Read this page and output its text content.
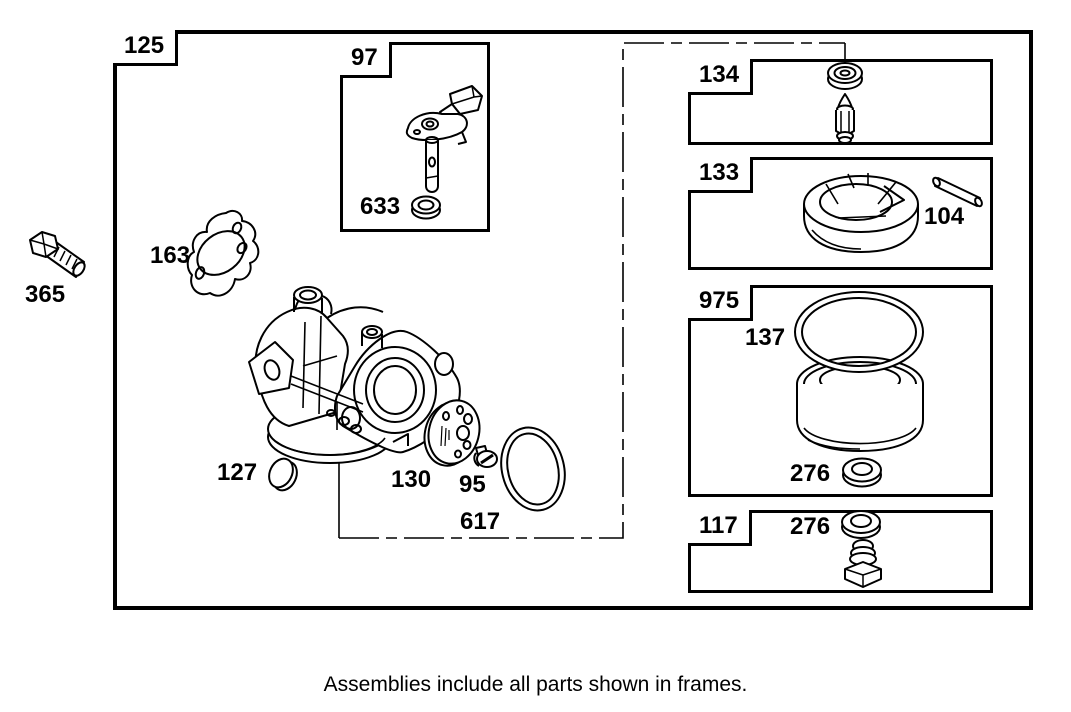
365
125
163
127	130 95
617
97
633
134
133
104
975
137
276
117	276
Assemblies include all parts shown in frames.
